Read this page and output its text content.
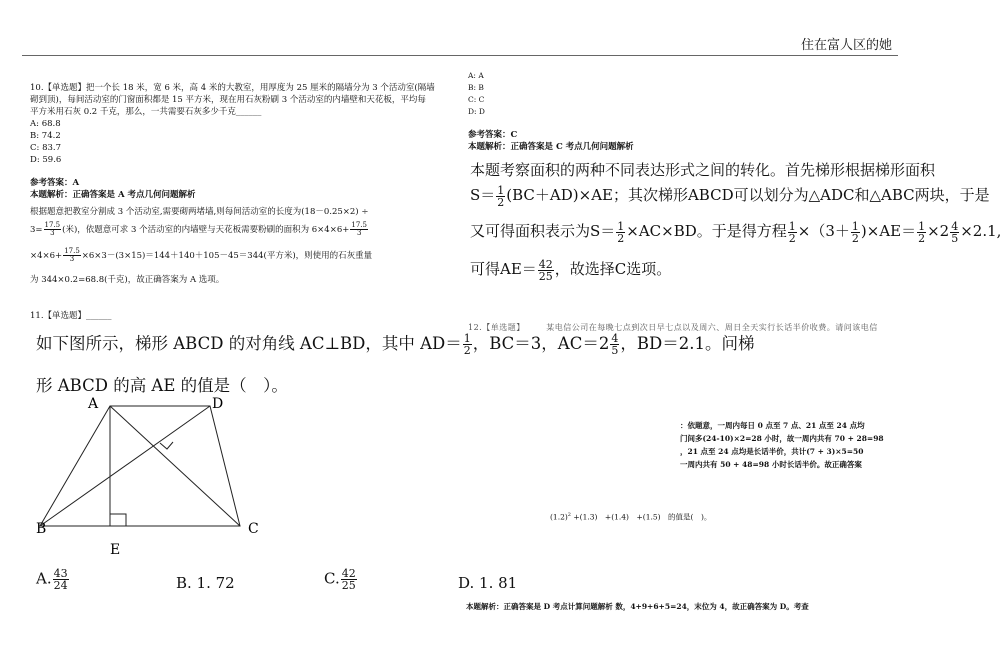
住在富人区的她
10.【单选题】把一个长 18 米，宽 6 米，高 4 米的大教室，用厚度为 25 厘米的隔墙分为 3 个活动室(隔墙
砌到顶)，每间活动室的门窗面积都是 15 平方米，现在用石灰粉刷 3 个活动室的内墙壁和天花板，平均每
平方米用石灰 0.2 千克，那么，一共需要石灰多少千克______
A: 68.8
B: 74.2
C: 83.7
D: 59.6
参考答案：A
本题解析：正确答案是 A 考点几何问题解析
根据题意把教室分割成 3 个活动室,需要砌两堵墙,则每间活动室的长度为(18－0.25×2) ÷
$3= \frac{17.5}{3}$ (米)，依题意可求 3 个活动室的内墙壁与天花板需要粉刷的面积为 $6\times 4\times 6+ \frac{17.5}{3}$
$\times 4\times 6+ \frac{17.5}{3} \times 6\times 3-(3\times 15)=144+140+105-45=344$(平方米)，则使用的石灰重量
为 344×0.2=68.8(千克)，故正确答案为 A 选项。
11.【单选题】______
如下图所示，梯形 ABCD 的对角线 AC⊥BD，其中 $AD= \frac{1}{2}$ ，BC＝3，$AC=2 \frac{4}{5}$ ，BD＝2.1。问梯
形 ABCD 的高 AE 的值是（　）。
A	D
B	C
E
A. $\frac{43}{24}$	B. 1. 72	C. $\frac{42}{25}$	D. 1. 81
A: A
B: B
C: C
D: D
参考答案：C
本题解析：正确答案是 C 考点几何问题解析
本题考察面积的两种不同表达形式之间的转化。首先梯形根据梯形面积
$S= \frac{1}{2} (BC+AD)\times AE$；其次梯形ABCD可以划分为△ADC和△ABC两块，于是
又可得面积表示为$S= \frac{1}{2} \times AC\times BD$。于是得方程 $\frac{1}{2} \times(3+ \frac{1}{2} )\times AE= \frac{1}{2} \times 2 \frac{4}{5} \times 2.1$,
可得$AE= \frac{42}{25}$ ，故选择C选项。
12.【单选题】　　　某电信公司在每晚七点到次日早七点以及周六、周日全天实行长话半价收费。请问该电信
：依题意，一周内每日 0 点至 7 点、21 点至 24 点均
门间多(24-10)×2=28 小时，故一周内共有 70 + 28=98
，21 点至 24 点均是长话半价，共计(7 + 3)×5=50
一周内共有 50 + 48=98 小时长话半价。故正确答案
$(1.2)^2 +(1.3)$　+(1.4)　+(1.5)　的值是(　)。
本题解析：正确答案是 D 考点计算问题解析 数，4+9+6+5=24，末位为 4，故正确答案为 D。考查
